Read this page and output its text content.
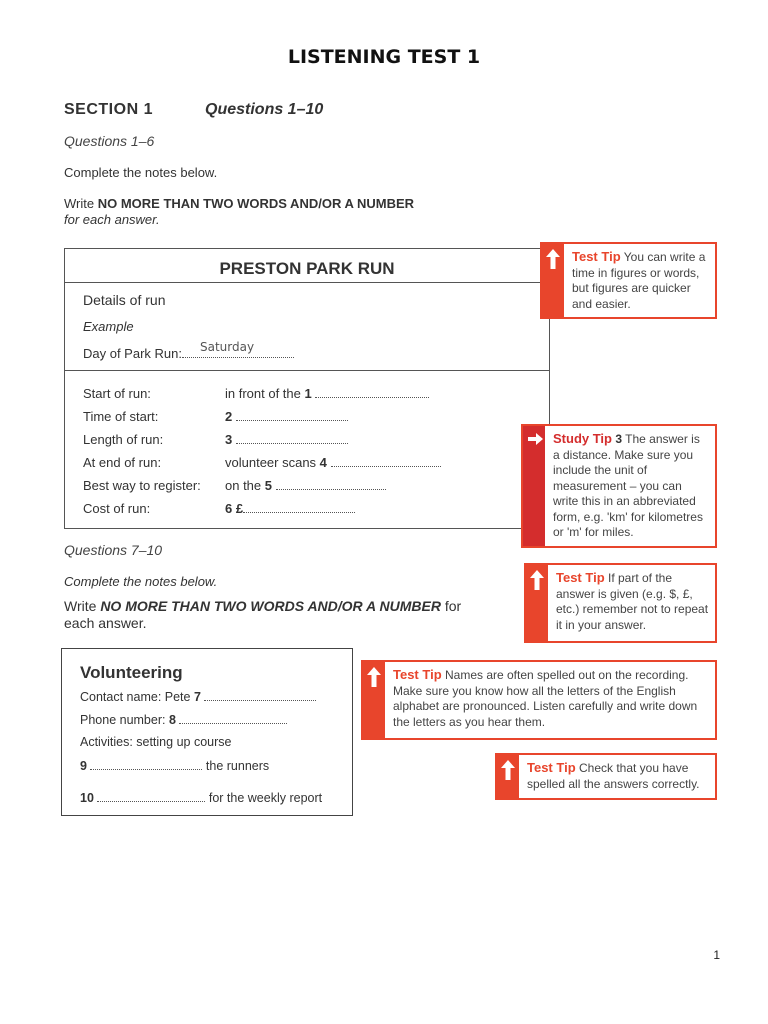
LISTENING TEST 1
SECTION 1	Questions 1–10
Questions 1–6
Complete the notes below.
Write NO MORE THAN TWO WORDS AND/OR A NUMBER
for each answer.
PRESTON PARK RUN
Details of run
Example
Day of Park Run: Saturday
Start of run:	in front of the 1
Time of start:	2
Length of run:	3
At end of run:	volunteer scans 4
Best way to register: on the 5
Cost of run:	6 £
Questions 7–10
Complete the notes below.
Write NO MORE THAN TWO WORDS AND/OR A NUMBER for
each answer.
Volunteering
Contact name: Pete 7
Phone number: 8
Activities: setting up course
9	the runners
10	for the weekly report
Test Tip You can write a time in figures or words, but figures are quicker and easier.
Study Tip 3 The answer is a distance. Make sure you include the unit of measurement – you can write this in an abbreviated form, e.g. 'km' for kilometres or 'm' for miles.
Test Tip If part of the answer is given (e.g. $, £, etc.) remember not to repeat it in your answer.
Test Tip Names are often spelled out on the recording. Make sure you know how all the letters of the English alphabet are pronounced. Listen carefully and write down the letters as you hear them.
Test Tip Check that you have spelled all the answers correctly.
1
